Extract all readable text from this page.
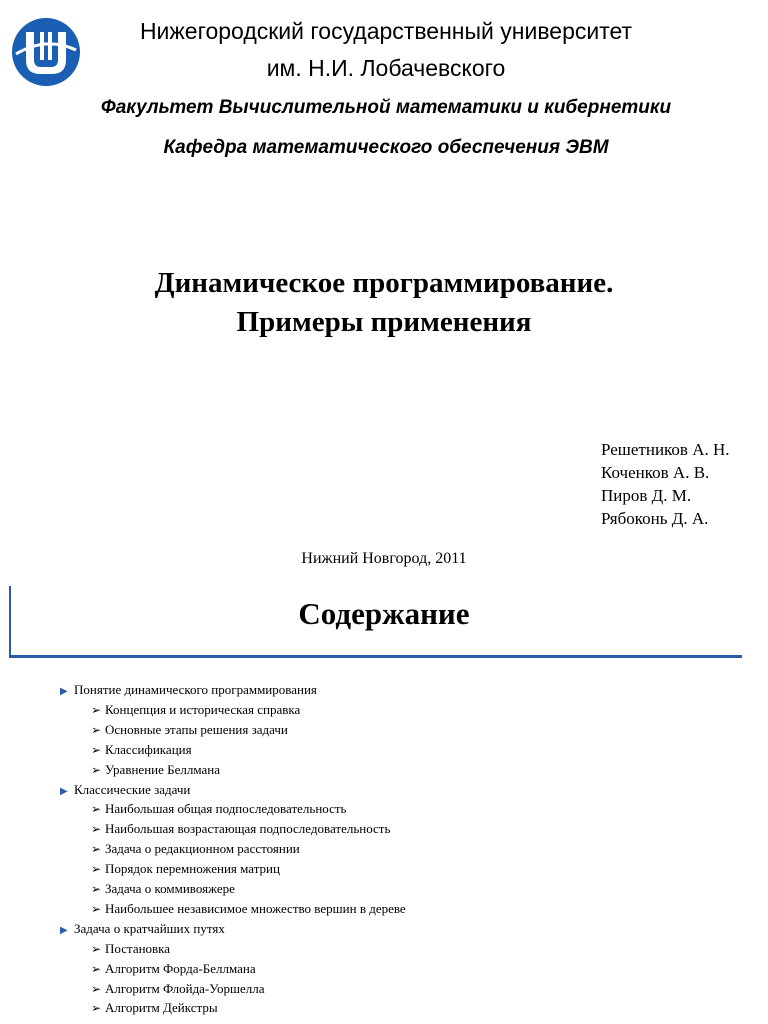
Нижегородский государственный университет
им. Н.И. Лобачевского
Факультет Вычислительной математики и кибернетики
Кафедра математического обеспечения ЭВМ
Динамическое программирование.
Примеры применения
Решетников А. Н.
Коченков А. В.
Пиров Д. М.
Рябоконь Д. А.
Нижний Новгород, 2011
Содержание
▶ Понятие динамического программирования
➢ Концепция и историческая справка
➢ Основные этапы решения задачи
➢ Классификация
➢ Уравнение Беллмана
▶ Классические задачи
➢ Наибольшая общая подпоследовательность
➢ Наибольшая возрастающая подпоследовательность
➢ Задача о редакционном расстоянии
➢ Порядок перемножения матриц
➢ Задача о коммивояжере
➢ Наибольшее независимое множество вершин в дереве
▶ Задача о кратчайших путях
➢ Постановка
➢ Алгоритм Форда-Беллмана
➢ Алгоритм Флойда-Уоршелла
➢ Алгоритм Дейкстры
